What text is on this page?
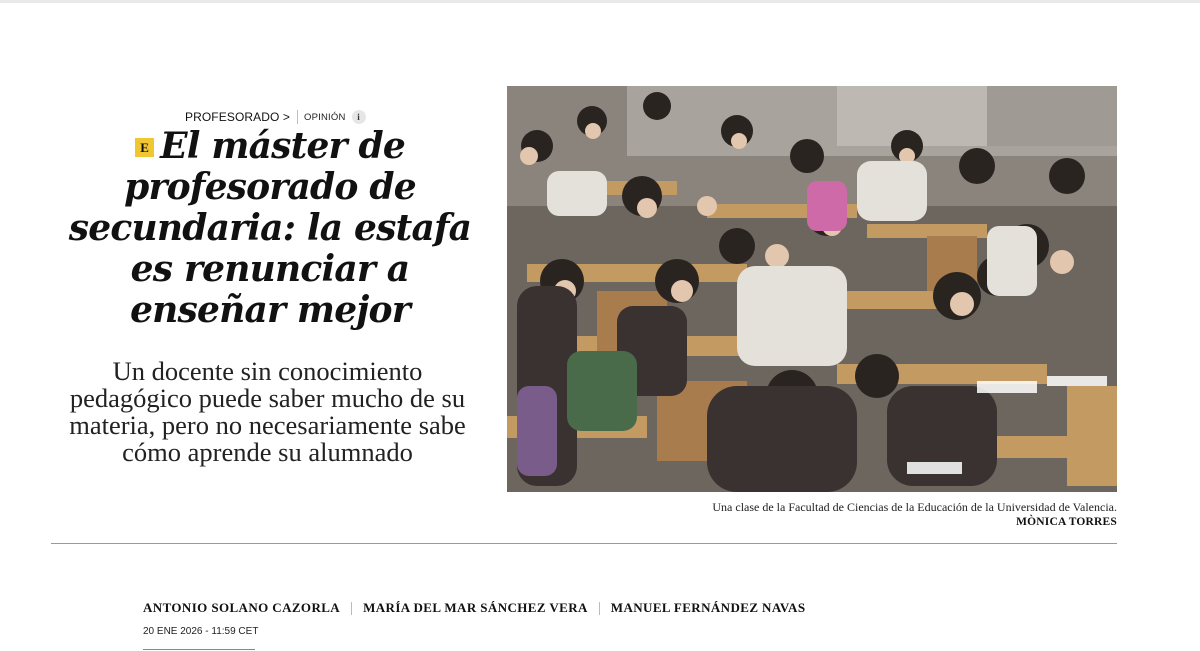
PROFESORADO > OPINIÓN	i
E El máster de profesorado de secundaria: la estafa es renunciar a enseñar mejor

Un docente sin conocimiento pedagógico puede saber mucho de su materia, pero no necesariamente sabe cómo aprende su alumnado

Una clase de la Facultad de Ciencias de la Educación de la Universidad de Valencia.
MÒNICA TORRES
ANTONIO SOLANO CAZORLA MARÍA DEL MAR SÁNCHEZ VERA MANUEL FERNÁNDEZ NAVAS
20 ENE 2026 - 11:59 CET
